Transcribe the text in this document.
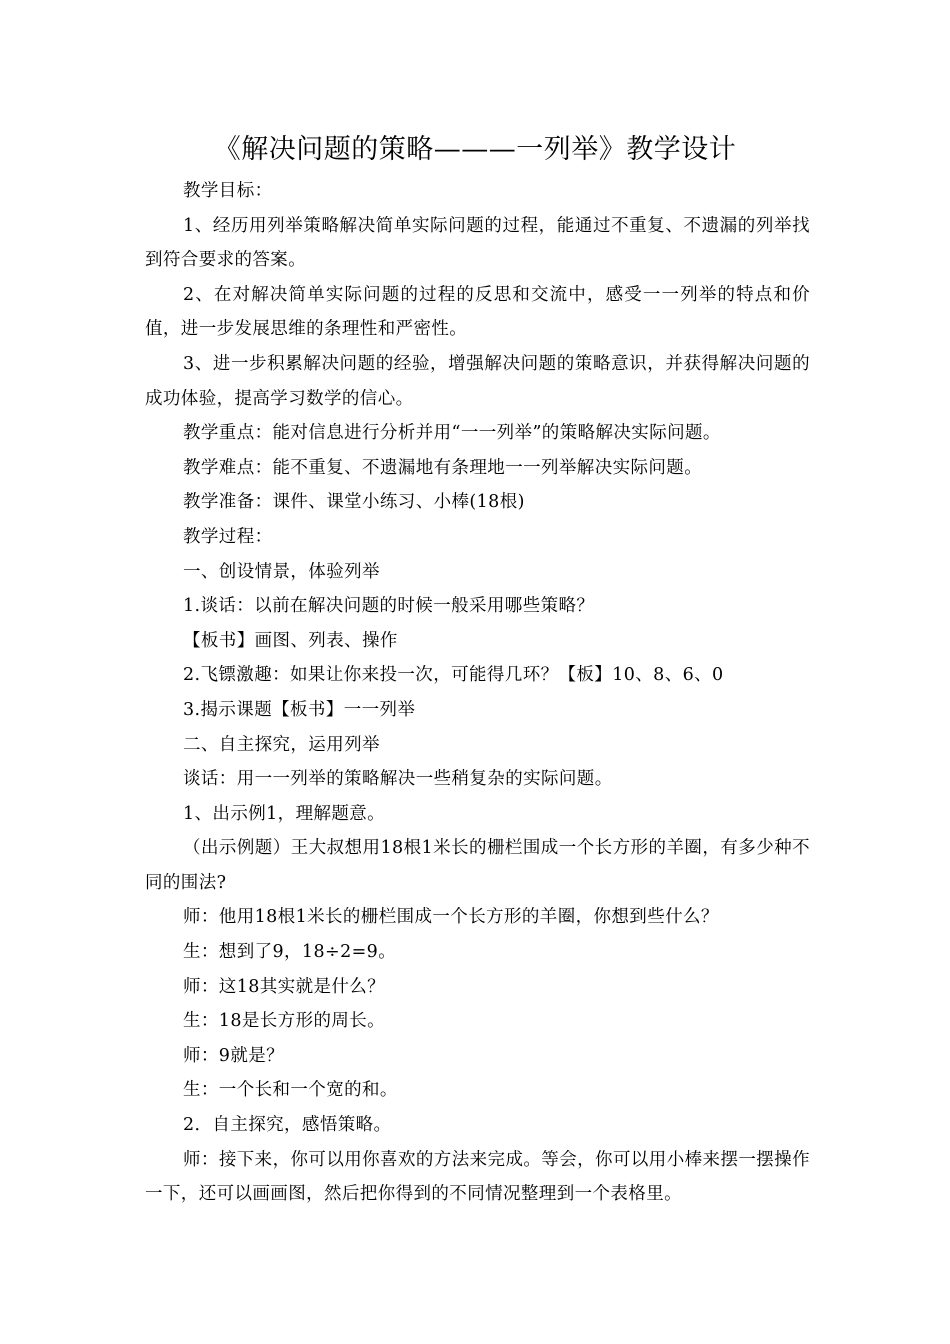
《解决问题的策略———一列举》教学设计

教学目标：

1、经历用列举策略解决简单实际问题的过程，能通过不重复、不遗漏的列举找到符合要求的答案。

2、在对解决简单实际问题的过程的反思和交流中，感受一一列举的特点和价值，进一步发展思维的条理性和严密性。

3、进一步积累解决问题的经验，增强解决问题的策略意识，并获得解决问题的成功体验，提高学习数学的信心。

教学重点：能对信息进行分析并用“一一列举”的策略解决实际问题。

教学难点：能不重复、不遗漏地有条理地一一列举解决实际问题。

教学准备：课件、课堂小练习、小棒(18根)

教学过程：

一、创设情景，体验列举

1.谈话：以前在解决问题的时候一般采用哪些策略？

【板书】画图、列表、操作

2.飞镖激趣：如果让你来投一次，可能得几环？【板】10、8、6、0

3.揭示课题【板书】一一列举

二、自主探究，运用列举

谈话：用一一列举的策略解决一些稍复杂的实际问题。

1、出示例1，理解题意。

（出示例题）王大叔想用18根1米长的栅栏围成一个长方形的羊圈，有多少种不同的围法?

师：他用18根1米长的栅栏围成一个长方形的羊圈，你想到些什么？

生：想到了9，18÷2=9。

师：这18其实就是什么？

生：18是长方形的周长。

师：9就是？

生：一个长和一个宽的和。

2．自主探究，感悟策略。

师：接下来，你可以用你喜欢的方法来完成。等会，你可以用小棒来摆一摆操作一下，还可以画画图，然后把你得到的不同情况整理到一个表格里。
